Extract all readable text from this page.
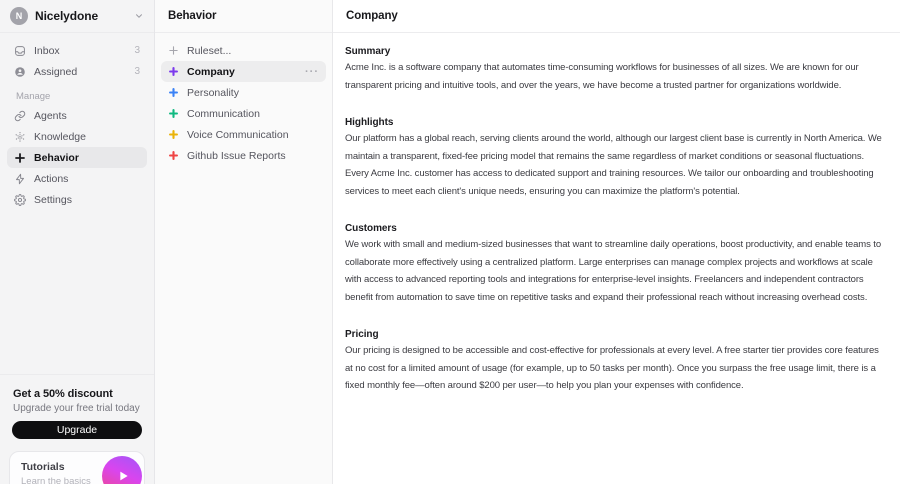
N	Nicelydone
Inbox	3
Assigned	3
Manage
Agents
Knowledge
Behavior
Actions
Settings
Get a 50% discount
Upgrade your free trial today
Upgrade
Tutorials
Learn the basics
Behavior
Ruleset...
Company	···
Personality
Communication
Voice Communication
Github Issue Reports
Company
Summary

Acme Inc. is a software company that automates time-consuming workflows for businesses of all sizes. We are known for our transparent pricing and intuitive tools, and over the years, we have become a trusted partner for organizations worldwide.

Highlights

Our platform has a global reach, serving clients around the world, although our largest client base is currently in North America. We maintain a transparent, fixed-fee pricing model that remains the same regardless of market conditions or seasonal fluctuations. Every Acme Inc. customer has access to dedicated support and training resources. We tailor our onboarding and troubleshooting services to meet each client's unique needs, ensuring you can maximize the platform's potential.

Customers

We work with small and medium-sized businesses that want to streamline daily operations, boost productivity, and enable teams to collaborate more effectively using a centralized platform. Large enterprises can manage complex projects and workflows at scale with access to advanced reporting tools and integrations for enterprise-level insights. Freelancers and independent contractors benefit from automation to save time on repetitive tasks and expand their professional reach without increasing overhead costs.

Pricing

Our pricing is designed to be accessible and cost-effective for professionals at every level. A free starter tier provides core features at no cost for a limited amount of usage (for example, up to 50 tasks per month). Once you surpass the free usage limit, there is a fixed monthly fee—often around $200 per user—to help you plan your expenses with confidence.
